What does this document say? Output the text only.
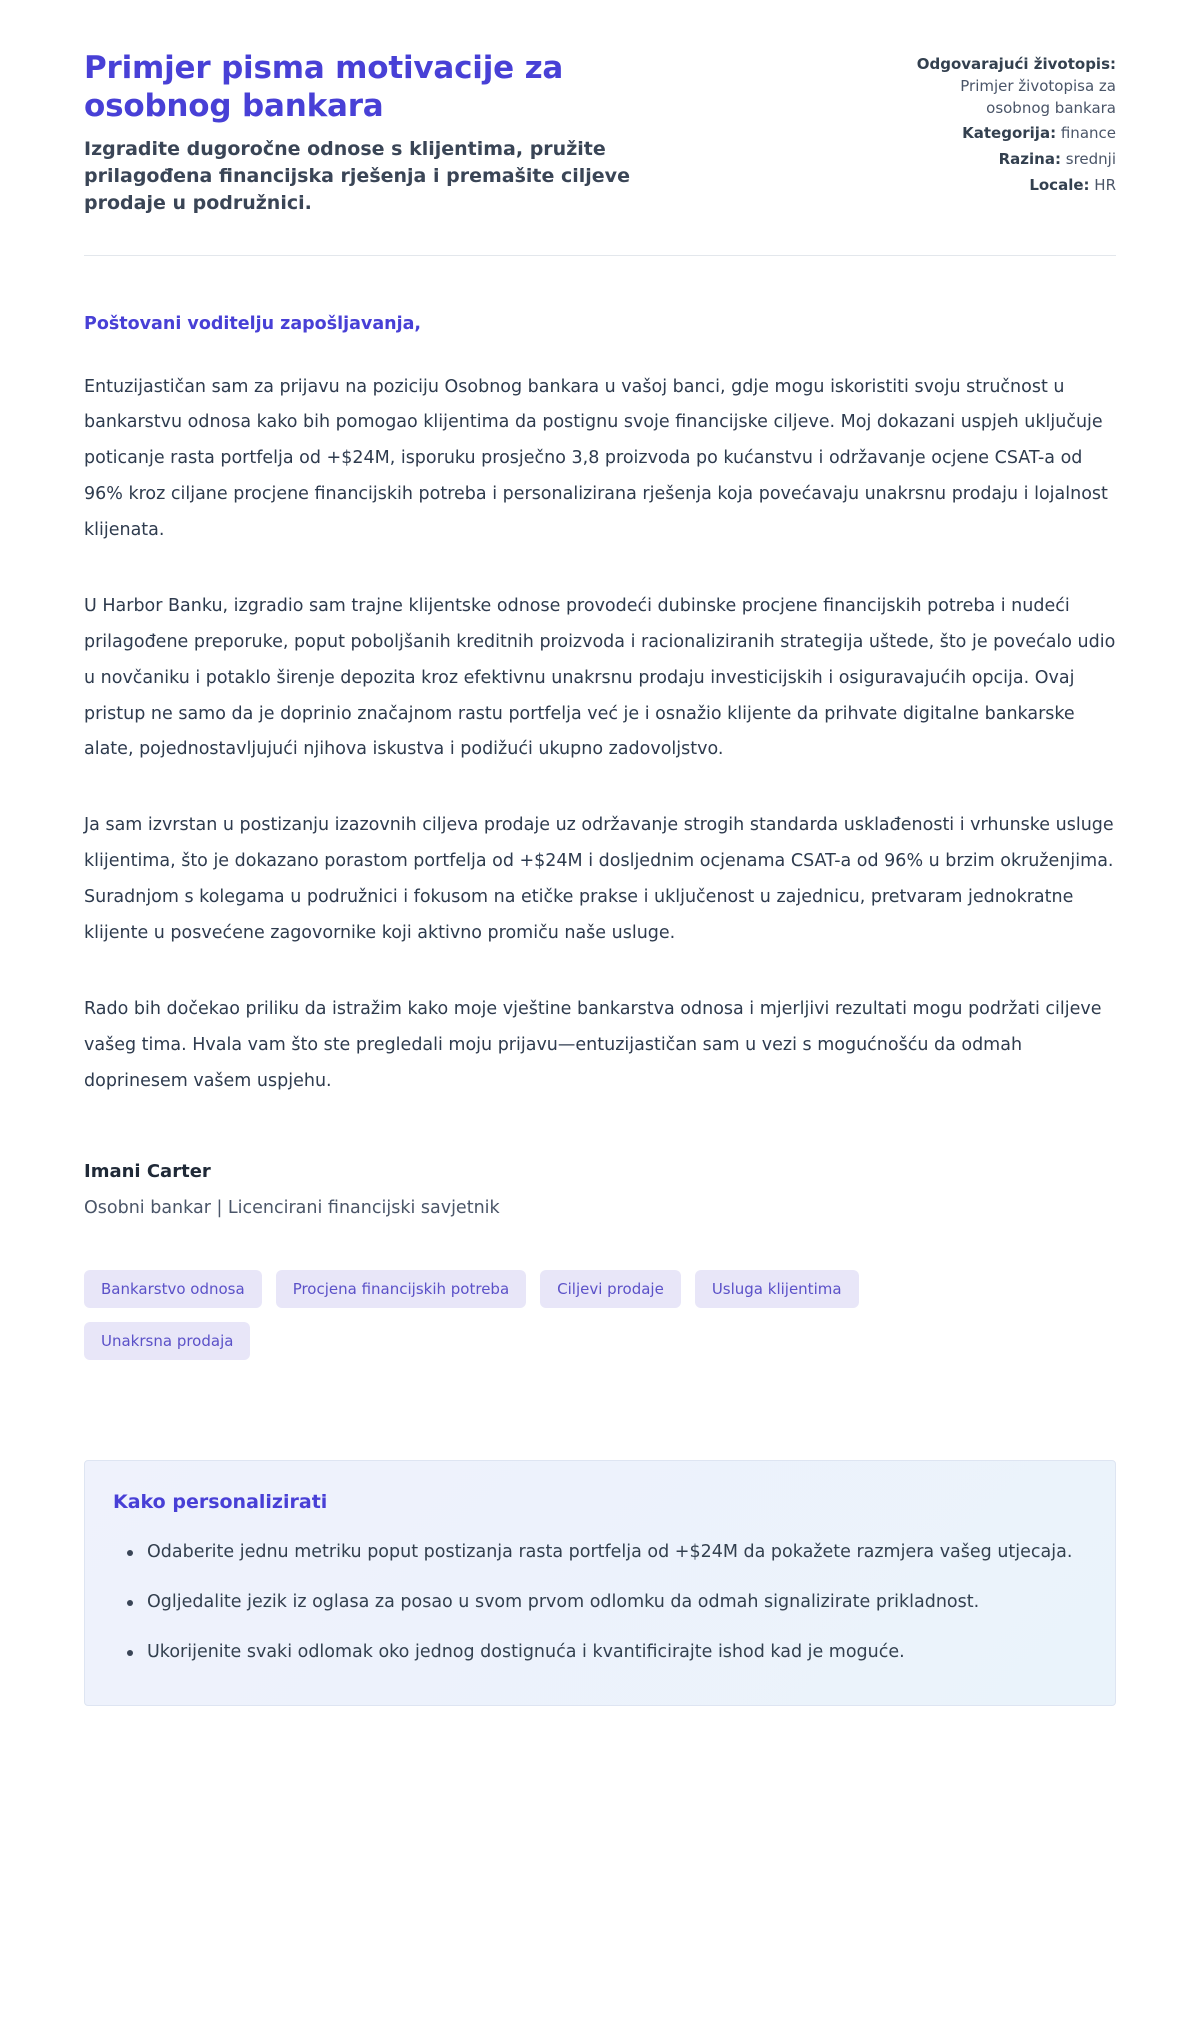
Primjer pisma motivacije za osobnog bankara

Izgradite dugoročne odnose s klijentima, pružite prilagođena financijska rješenja i premašite ciljeve prodaje u podružnici.

Odgovarajući životopis:
Primjer životopisa za osobnog bankara
Kategorija: finance
Razina: srednji
Locale: HR

Poštovani voditelju zapošljavanja,

Entuzijastičan sam za prijavu na poziciju Osobnog bankara u vašoj banci, gdje mogu iskoristiti svoju stručnost u bankarstvu odnosa kako bih pomogao klijentima da postignu svoje financijske ciljeve. Moj dokazani uspjeh uključuje poticanje rasta portfelja od +$24M, isporuku prosječno 3,8 proizvoda po kućanstvu i održavanje ocjene CSAT-a od 96% kroz ciljane procjene financijskih potreba i personalizirana rješenja koja povećavaju unakrsnu prodaju i lojalnost klijenata.

U Harbor Banku, izgradio sam trajne klijentske odnose provodeći dubinske procjene financijskih potreba i nudeći prilagođene preporuke, poput poboljšanih kreditnih proizvoda i racionaliziranih strategija uštede, što je povećalo udio u novčaniku i potaklo širenje depozita kroz efektivnu unakrsnu prodaju investicijskih i osiguravajućih opcija. Ovaj pristup ne samo da je doprinio značajnom rastu portfelja već je i osnažio klijente da prihvate digitalne bankarske alate, pojednostavljujući njihova iskustva i podižući ukupno zadovoljstvo.

Ja sam izvrstan u postizanju izazovnih ciljeva prodaje uz održavanje strogih standarda usklađenosti i vrhunske usluge klijentima, što je dokazano porastom portfelja od +$24M i dosljednim ocjenama CSAT-a od 96% u brzim okruženjima. Suradnjom s kolegama u podružnici i fokusom na etičke prakse i uključenost u zajednicu, pretvaram jednokratne klijente u posvećene zagovornike koji aktivno promiču naše usluge.

Rado bih dočekao priliku da istražim kako moje vještine bankarstva odnosa i mjerljivi rezultati mogu podržati ciljeve vašeg tima. Hvala vam što ste pregledali moju prijavu—entuzijastičan sam u vezi s mogućnošću da odmah doprinesem vašem uspjehu.

Imani Carter

Osobni bankar | Licencirani financijski savjetnik

Bankarstvo odnosa	Procjena financijskih potreba	Ciljevi prodaje	Usluga klijentima
Unakrsna prodaja
Kako personalizirati
Odaberite jednu metriku poput postizanja rasta portfelja od +$24M da pokažete razmjera vašeg utjecaja.
Ogljedalite jezik iz oglasa za posao u svom prvom odlomku da odmah signalizirate prikladnost.
Ukorijenite svaki odlomak oko jednog dostignuća i kvantificirajte ishod kad je moguće.
